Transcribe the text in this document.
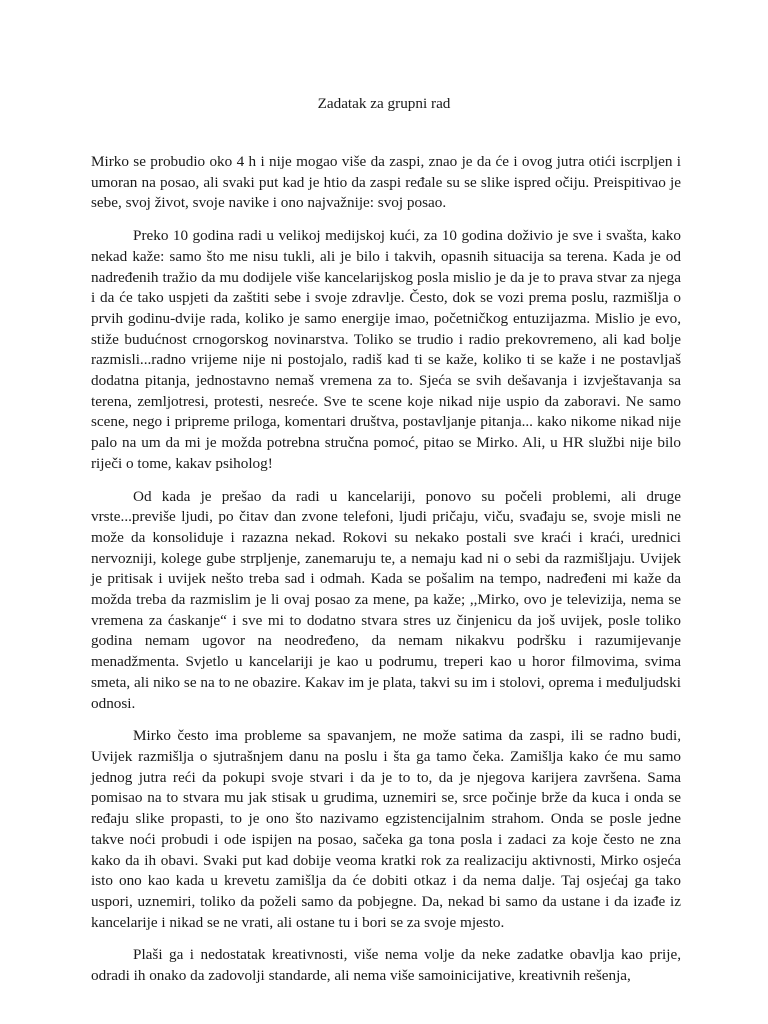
Zadatak za grupni rad

Mirko se probudio oko 4 h i nije mogao više da zaspi, znao je da će i ovog jutra otići iscrpljen i umoran na posao, ali svaki put kad je htio da zaspi ređale su se slike ispred očiju. Preispitivao je sebe, svoj život, svoje navike i ono najvažnije: svoj posao.

Preko 10 godina radi u velikoj medijskoj kući, za 10 godina doživio je sve i svašta, kako nekad kaže: samo što me nisu tukli, ali je bilo i takvih, opasnih situacija sa terena. Kada je od nadređenih tražio da mu dodijele više kancelarijskog posla mislio je da je to prava stvar za njega i da će tako uspjeti da zaštiti sebe i svoje zdravlje. Često, dok se vozi prema poslu, razmišlja o prvih godinu-dvije rada, koliko je samo energije imao, početničkog entuzijazma. Mislio je evo, stiže budućnost crnogorskog novinarstva. Toliko se trudio i radio prekovremeno, ali kad bolje razmisli...radno vrijeme nije ni postojalo, radiš kad ti se kaže, koliko ti se kaže i ne postavljaš dodatna pitanja, jednostavno nemaš vremena za to. Sjeća se svih dešavanja i izvještavanja sa terena, zemljotresi, protesti, nesreće. Sve te scene koje nikad nije uspio da zaboravi. Ne samo scene, nego i pripreme priloga, komentari društva, postavljanje pitanja... kako nikome nikad nije palo na um da mi je možda potrebna stručna pomoć, pitao se Mirko. Ali, u HR službi nije bilo riječi o tome, kakav psiholog!

Od kada je prešao da radi u kancelariji, ponovo su počeli problemi, ali druge vrste...previše ljudi, po čitav dan zvone telefoni, ljudi pričaju, viču, svađaju se, svoje misli ne može da konsoliduje i razazna nekad. Rokovi su nekako postali sve kraći i kraći, urednici nervozniji, kolege gube strpljenje, zanemaruju te, a nemaju kad ni o sebi da razmišljaju. Uvijek je pritisak i uvijek nešto treba sad i odmah. Kada se pošalim na tempo, nadređeni mi kaže da možda treba da razmislim je li ovaj posao za mene, pa kaže; ,,Mirko, ovo je televizija, nema se vremena za ćaskanje“ i sve mi to dodatno stvara stres uz činjenicu da još uvijek, posle toliko godina nemam ugovor na neodređeno, da nemam nikakvu podršku i razumijevanje menadžmenta. Svjetlo u kancelariji je kao u podrumu, treperi kao u horor filmovima, svima smeta, ali niko se na to ne obazire. Kakav im je plata, takvi su im i stolovi, oprema i međuljudski odnosi.

Mirko često ima probleme sa spavanjem, ne može satima da zaspi, ili se radno budi, Uvijek razmišlja o sjutrašnjem danu na poslu i šta ga tamo čeka. Zamišlja kako će mu samo jednog jutra reći da pokupi svoje stvari i da je to to, da je njegova karijera završena. Sama pomisao na to stvara mu jak stisak u grudima, uznemiri se, srce počinje brže da kuca i onda se ređaju slike propasti, to je ono što nazivamo egzistencijalnim strahom. Onda se posle jedne takve noći probudi i ode ispijen na posao, sačeka ga tona posla i zadaci za koje često ne zna kako da ih obavi. Svaki put kad dobije veoma kratki rok za realizaciju aktivnosti, Mirko osjeća isto ono kao kada u krevetu zamišlja da će dobiti otkaz i da nema dalje. Taj osjećaj ga tako uspori, uznemiri, toliko da poželi samo da pobjegne. Da, nekad bi samo da ustane i da izađe iz kancelarije i nikad se ne vrati, ali ostane tu i bori se za svoje mjesto.

Plaši ga i nedostatak kreativnosti, više nema volje da neke zadatke obavlja kao prije, odradi ih onako da zadovolji standarde, ali nema više samoinicijative, kreativnih rešenja,
